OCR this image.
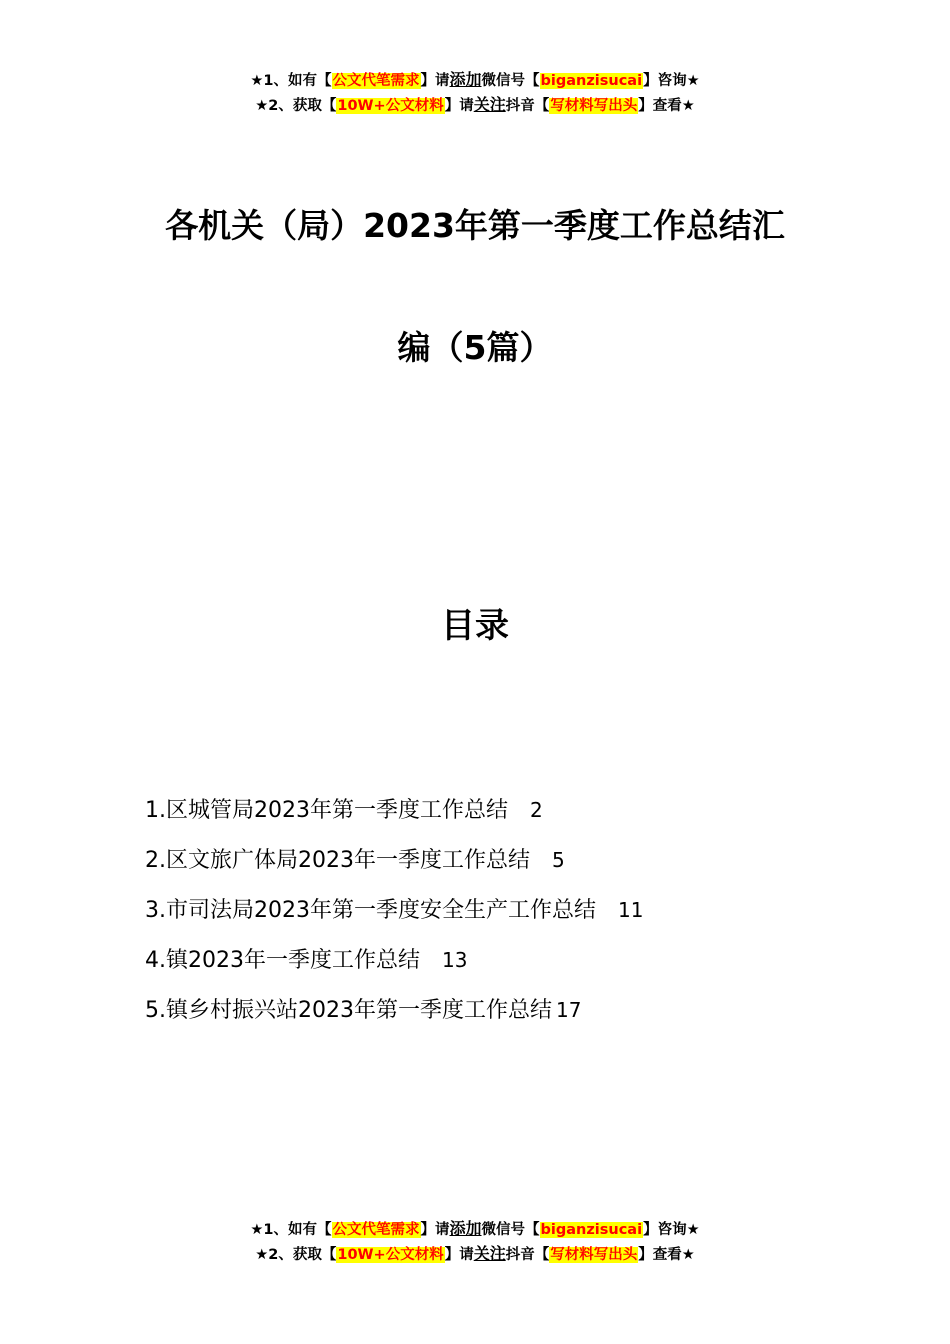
★1、如有【公文代笔需求】请添加微信号【biganzisucai】咨询★
★2、获取【10W+公文材料】请关注抖音【写材料写出头】查看★
各机关（局）2023年第一季度工作总结汇
编（5篇）
目录
1.区城管局2023年第一季度工作总结 2
2.区文旅广体局2023年一季度工作总结 5
3.市司法局2023年第一季度安全生产工作总结 11
4.镇2023年一季度工作总结 13
5.镇乡村振兴站2023年第一季度工作总结 17
★1、如有【公文代笔需求】请添加微信号【biganzisucai】咨询★
★2、获取【10W+公文材料】请关注抖音【写材料写出头】查看★
